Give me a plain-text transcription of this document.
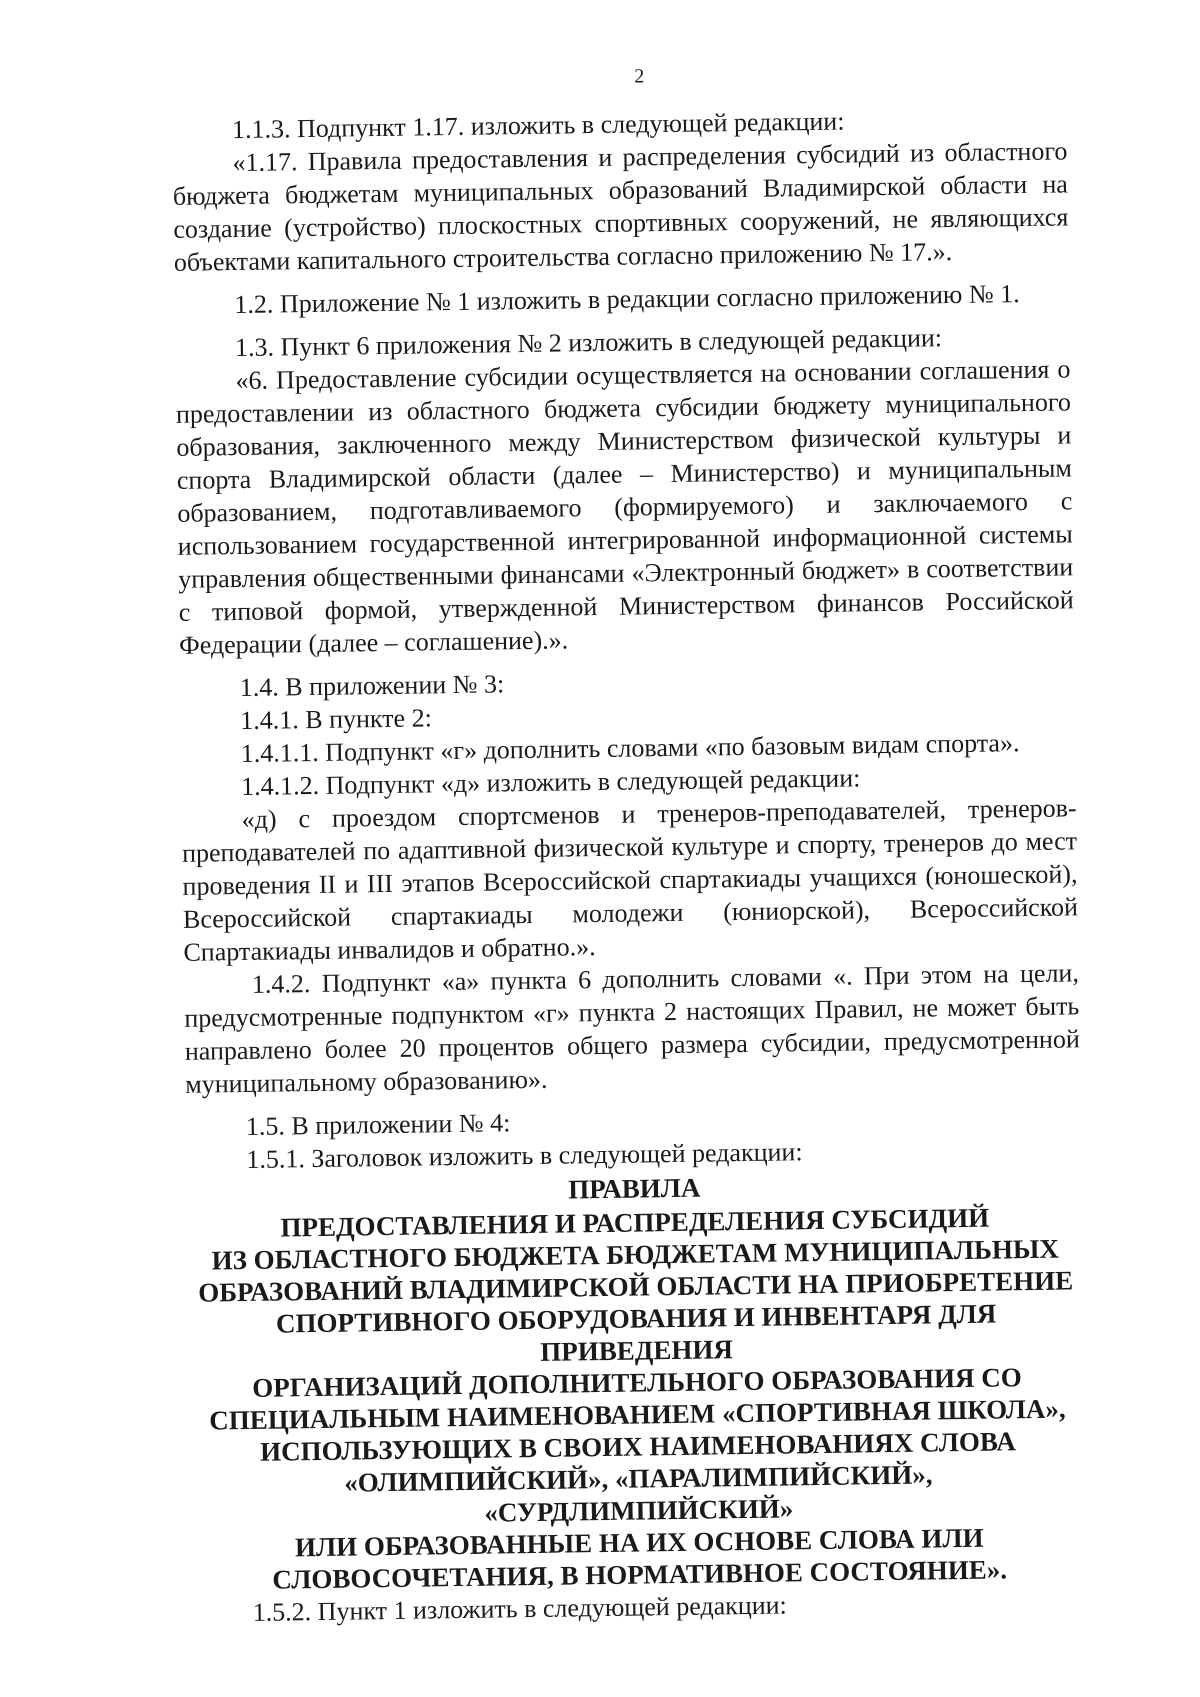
2

1.1.3. Подпункт 1.17. изложить в следующей редакции:

«1.17. Правила предоставления и распределения субсидий из областного бюджета бюджетам муниципальных образований Владимирской области на создание (устройство) плоскостных спортивных сооружений, не являющихся объектами капитального строительства согласно приложению № 17.».

1.2. Приложение № 1 изложить в редакции согласно приложению № 1.

1.3. Пункт 6 приложения № 2 изложить в следующей редакции:

«6. Предоставление субсидии осуществляется на основании соглашения о предоставлении из областного бюджета субсидии бюджету муниципального образования, заключенного между Министерством физической культуры и спорта Владимирской области (далее – Министерство) и муниципальным образованием, подготавливаемого (формируемого) и заключаемого с использованием государственной интегрированной информационной системы управления общественными финансами «Электронный бюджет» в соответствии с типовой формой, утвержденной Министерством финансов Российской Федерации (далее – соглашение).».

1.4. В приложении № 3:

1.4.1. В пункте 2:

1.4.1.1. Подпункт «г» дополнить словами «по базовым видам спорта».

1.4.1.2. Подпункт «д» изложить в следующей редакции:

«д) с проездом спортсменов и тренеров-преподавателей, тренеров-преподавателей по адаптивной физической культуре и спорту, тренеров до мест проведения II и III этапов Всероссийской спартакиады учащихся (юношеской), Всероссийской спартакиады молодежи (юниорской), Всероссийской Спартакиады инвалидов и обратно.».

1.4.2. Подпункт «а» пункта 6 дополнить словами «. При этом на цели, предусмотренные подпунктом «г» пункта 2 настоящих Правил, не может быть направлено более 20 процентов общего размера субсидии, предусмотренной муниципальному образованию».

1.5. В приложении № 4:

1.5.1. Заголовок изложить в следующей редакции:

ПРАВИЛА
ПРЕДОСТАВЛЕНИЯ И РАСПРЕДЕЛЕНИЯ СУБСИДИЙ
ИЗ ОБЛАСТНОГО БЮДЖЕТА БЮДЖЕТАМ МУНИЦИПАЛЬНЫХ
ОБРАЗОВАНИЙ ВЛАДИМИРСКОЙ ОБЛАСТИ НА ПРИОБРЕТЕНИЕ
СПОРТИВНОГО ОБОРУДОВАНИЯ И ИНВЕНТАРЯ ДЛЯ ПРИВЕДЕНИЯ
ОРГАНИЗАЦИЙ ДОПОЛНИТЕЛЬНОГО ОБРАЗОВАНИЯ СО
СПЕЦИАЛЬНЫМ НАИМЕНОВАНИЕМ «СПОРТИВНАЯ ШКОЛА»,
ИСПОЛЬЗУЮЩИХ В СВОИХ НАИМЕНОВАНИЯХ СЛОВА
«ОЛИМПИЙСКИЙ», «ПАРАЛИМПИЙСКИЙ», «СУРДЛИМПИЙСКИЙ»
ИЛИ ОБРАЗОВАННЫЕ НА ИХ ОСНОВЕ СЛОВА ИЛИ
СЛОВОСОЧЕТАНИЯ, В НОРМАТИВНОЕ СОСТОЯНИЕ».

1.5.2. Пункт 1 изложить в следующей редакции:
